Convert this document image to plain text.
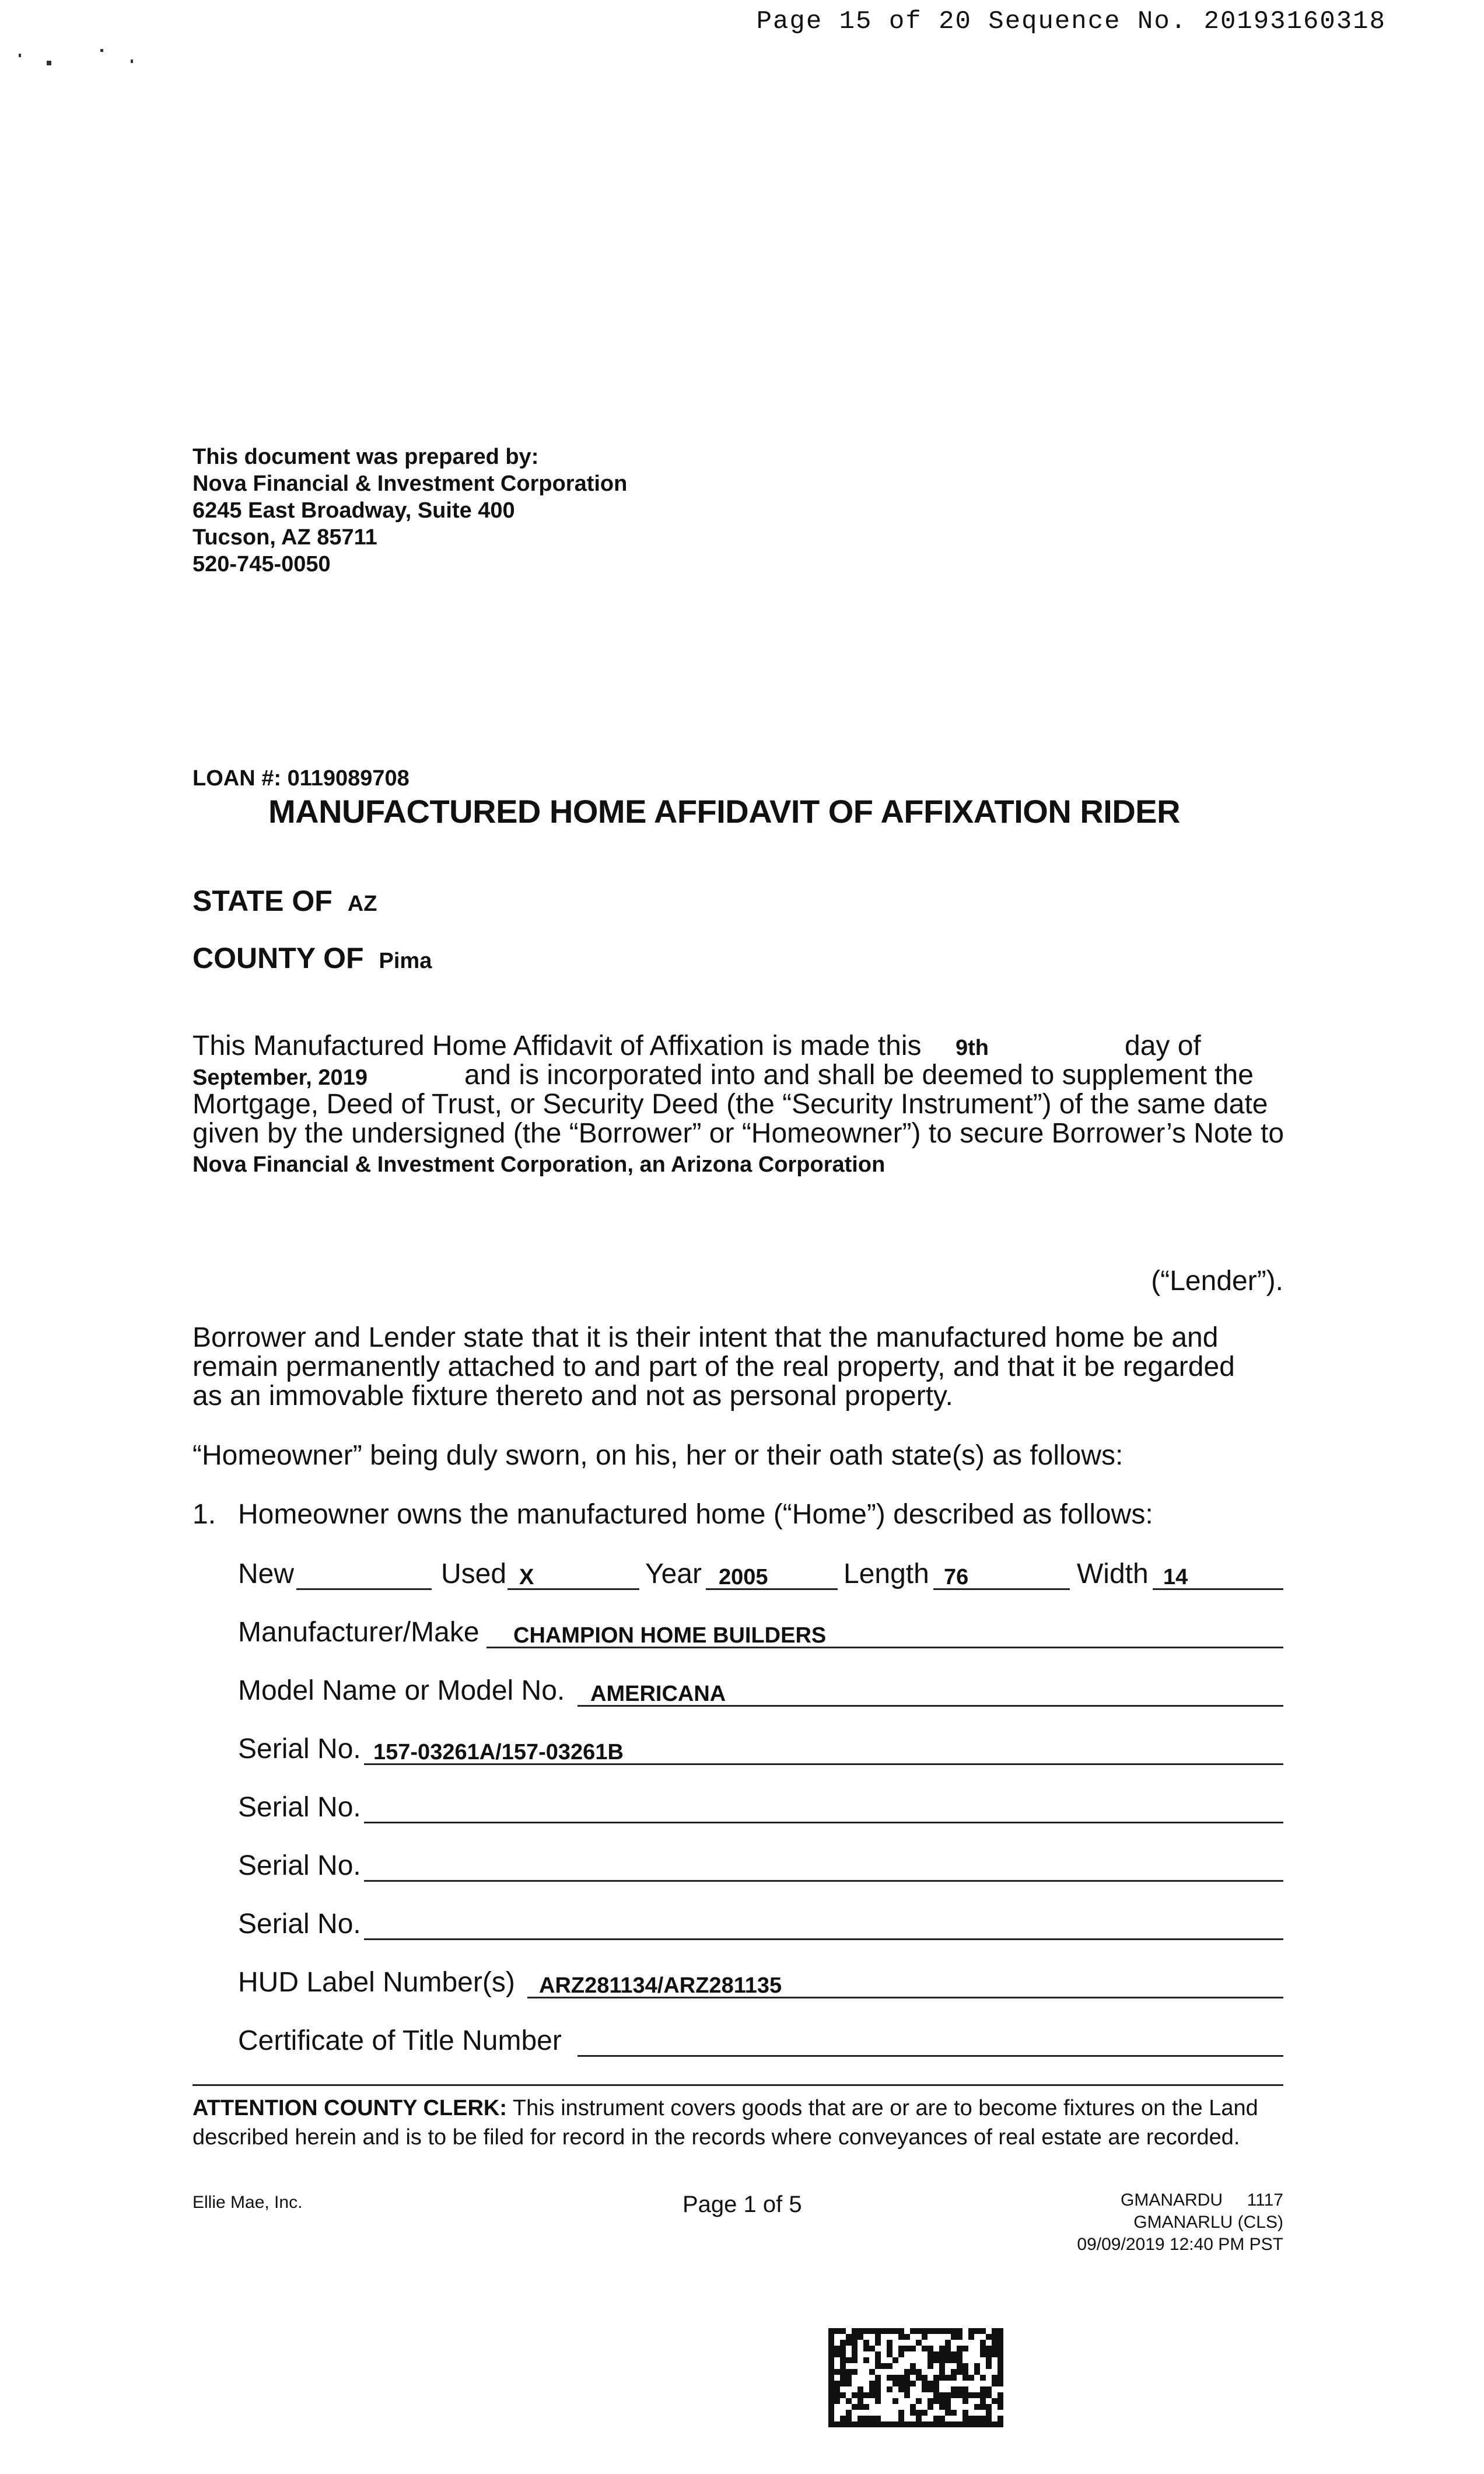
Page 15 of 20 Sequence No. 20193160318
This document was prepared by:
Nova Financial & Investment Corporation
6245 East Broadway, Suite 400
Tucson, AZ 85711
520-745-0050
LOAN #: 0119089708
MANUFACTURED HOME AFFIDAVIT OF AFFIXATION RIDER
STATE OF AZ
COUNTY OF Pima
This Manufactured Home Affidavit of Affixation is made this 9th	day of
September, 2019	and is incorporated into and shall be deemed to supplement the
Mortgage, Deed of Trust, or Security Deed (the “Security Instrument”) of the same date
given by the undersigned (the “Borrower” or “Homeowner”) to secure Borrower’s Note to
Nova Financial & Investment Corporation, an Arizona Corporation
(“Lender”).
Borrower and Lender state that it is their intent that the manufactured home be and
remain permanently attached to and part of the real property, and that it be regarded
as an immovable fixture thereto and not as personal property.
“Homeowner” being duly sworn, on his, her or their oath state(s) as follows:
1. Homeowner owns the manufactured home (“Home”) described as follows:
New	Used X	Year 2005	Length 76	Width 14
Manufacturer/Make CHAMPION HOME BUILDERS
Model Name or Model No. AMERICANA
Serial No. 157-03261A/157-03261B
Serial No.
Serial No.
Serial No.
HUD Label Number(s) ARZ281134/ARZ281135
Certificate of Title Number
ATTENTION COUNTY CLERK: This instrument covers goods that are or are to become fixtures on the Land
described herein and is to be filed for record in the records where conveyances of real estate are recorded.
Ellie Mae, Inc.	Page 1 of 5	GMANARDU     1117
GMANARLU (CLS)
09/09/2019 12:40 PM PST
